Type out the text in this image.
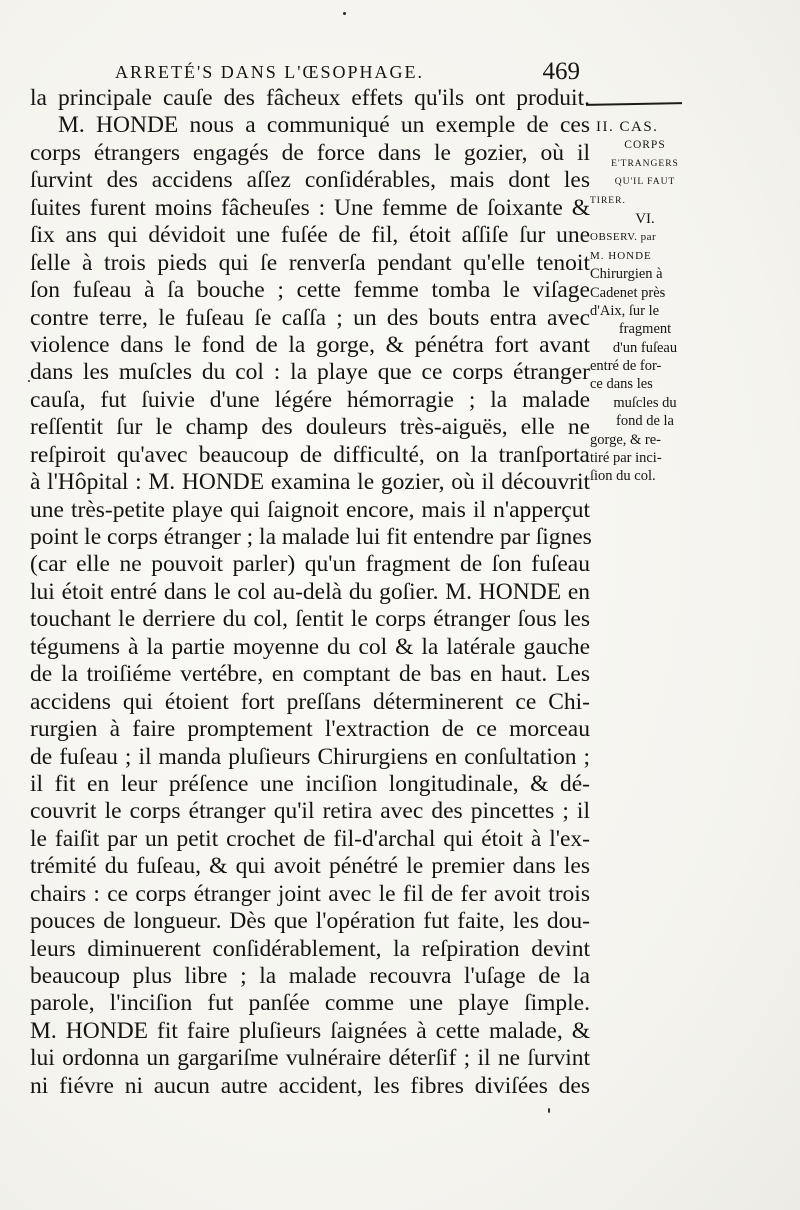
ARRETÉ'S DANS L'ŒSOPHAGE.	469
la principale cauſe des fâcheux effets qu'ils ont produit.
M. HONDE nous a communiqué un exemple de ces
corps étrangers engagés de force dans le gozier, où il
ſurvint des accidens aſſez conſidérables, mais dont les
ſuites furent moins fâcheuſes : Une femme de ſoixante &
ſix ans qui dévidoit une fuſée de fil, étoit aſſiſe ſur une
ſelle à trois pieds qui ſe renverſa pendant qu'elle tenoit
ſon fuſeau à ſa bouche ; cette femme tomba le viſage
contre terre, le fuſeau ſe caſſa ; un des bouts entra avec
violence dans le fond de la gorge, & pénétra fort avant
dans les muſcles du col : la playe que ce corps étranger
cauſa, fut ſuivie d'une légére hémorragie ; la malade
reſſentit ſur le champ des douleurs très-aiguës, elle ne
reſpiroit qu'avec beaucoup de difficulté, on la tranſporta
à l'Hôpital : M. HONDE examina le gozier, où il découvrit
une très-petite playe qui ſaignoit encore, mais il n'apperçut
point le corps étranger ; la malade lui fit entendre par ſignes
(car elle ne pouvoit parler) qu'un fragment de ſon fuſeau
lui étoit entré dans le col au-delà du goſier. M. HONDE en
touchant le derriere du col, ſentit le corps étranger ſous les
tégumens à la partie moyenne du col & la latérale gauche
de la troiſiéme vertébre, en comptant de bas en haut. Les
accidens qui étoient fort preſſans déterminerent ce Chi-
rurgien à faire promptement l'extraction de ce morceau
de fuſeau ; il manda pluſieurs Chirurgiens en conſultation ;
il fit en leur préſence une inciſion longitudinale, & dé-
couvrit le corps étranger qu'il retira avec des pincettes ; il
le faiſit par un petit crochet de fil-d'archal qui étoit à l'ex-
trémité du fuſeau, & qui avoit pénétré le premier dans les
chairs : ce corps étranger joint avec le fil de fer avoit trois
pouces de longueur. Dès que l'opération fut faite, les dou-
leurs diminuerent conſidérablement, la reſpiration devint
beaucoup plus libre ; la malade recouvra l'uſage de la
parole, l'inciſion fut panſée comme une playe ſimple.
M. HONDE fit faire pluſieurs ſaignées à cette malade, &
lui ordonna un gargariſme vulnéraire déterſif ; il ne ſurvint
ni fiévre ni aucun autre accident, les fibres diviſées des
II. CAS.
CORPS
E'TRANGERS
QU'IL FAUT
TIRER.
VI.
OBSERV. par
M. HONDE
Chirurgien à
Cadenet près
d'Aix, ſur le
fragment
d'un fuſeau
entré de for-
ce dans les
muſcles du
fond de la
gorge, & re-
tiré par inci-
ſion du col.
